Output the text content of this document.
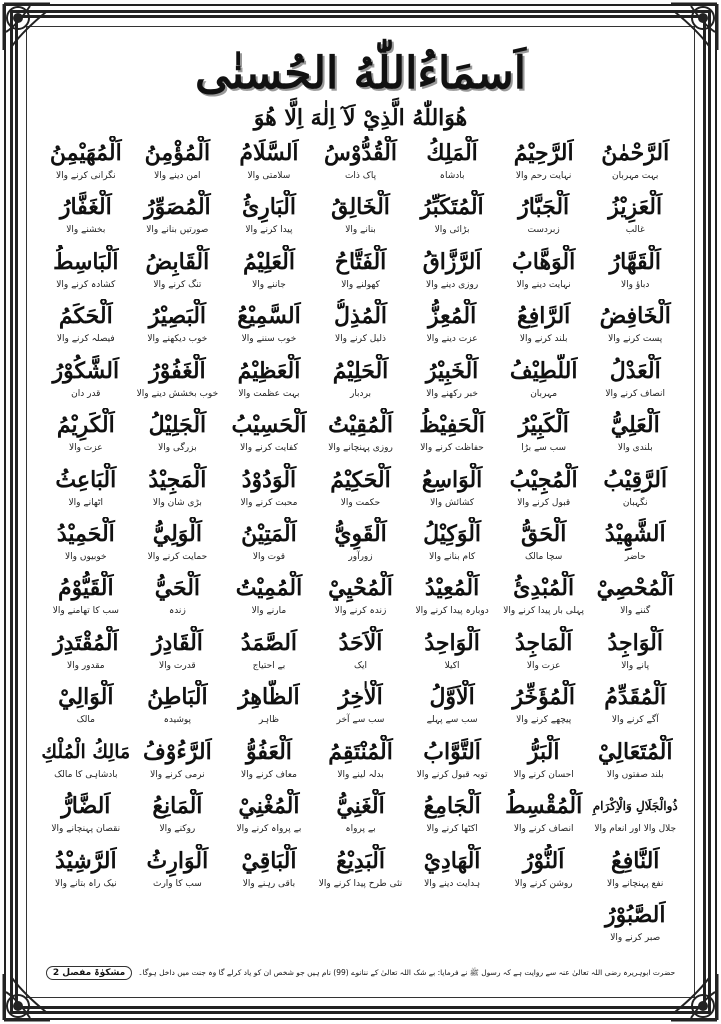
اَسمَاءُاللّٰهُ الحُسنٰی
هُوَاللّٰهُ الَّذِيْ لَآ اِلٰهَ اِلَّا هُوَ
اَلرَّحْمٰنُ
بہت مہربان
اَلرَّحِيْمُ
نہایت رحم والا
اَلْمَلِكُ
بادشاہ
اَلْقُدُّوْسُ
پاک ذات
اَلسَّلَامُ
سلامتی والا
اَلْمُؤْمِنُ
امن دینے والا
اَلْمُهَيْمِنُ
نگرانی کرنے والا
اَلْعَزِيْزُ
غالب
اَلْجَبَّارُ
زبردست
اَلْمُتَكَبِّرُ
بڑائی والا
اَلْخَالِقُ
بنانے والا
اَلْبَارِئُ
پیدا کرنے والا
اَلْمُصَوِّرُ
صورتیں بنانے والا
اَلْغَفَّارُ
بخشنے والا
اَلْقَهَّارُ
دباؤ والا
اَلْوَهَّابُ
نہایت دینے والا
اَلرَّزَّاقُ
روزی دینے والا
اَلْفَتَّاحُ
کھولنے والا
اَلْعَلِيْمُ
جاننے والا
اَلْقَابِضُ
تنگ کرنے والا
اَلْبَاسِطُ
کشادہ کرنے والا
اَلْخَافِضُ
پست کرنے والا
اَلرَّافِعُ
بلند کرنے والا
اَلْمُعِزُّ
عزت دینے والا
اَلْمُذِلُّ
ذلیل کرنے والا
اَلسَّمِيْعُ
خوب سننے والا
اَلْبَصِيْرُ
خوب دیکھنے والا
اَلْحَكَمُ
فیصلہ کرنے والا
اَلْعَدْلُ
انصاف کرنے والا
اَللَّطِيْفُ
مہربان
اَلْخَبِيْرُ
خبر رکھنے والا
اَلْحَلِيْمُ
بردبار
اَلْعَظِيْمُ
بہت عظمت والا
اَلْغَفُوْرُ
خوب بخشش دینے والا
اَلشَّكُوْرُ
قدر دان
اَلْعَلِيُّ
بلندی والا
اَلْكَبِيْرُ
سب سے بڑا
اَلْحَفِيْظُ
حفاظت کرنے والا
اَلْمُقِيْتُ
روزی پہنچانے والا
اَلْحَسِيْبُ
کفایت کرنے والا
اَلْجَلِيْلُ
بزرگی والا
اَلْكَرِيْمُ
عزت والا
اَلرَّقِيْبُ
نگہبان
اَلْمُجِيْبُ
قبول کرنے والا
اَلْوَاسِعُ
کشائش والا
اَلْحَكِيْمُ
حکمت والا
اَلْوَدُوْدُ
محبت کرنے والا
اَلْمَجِيْدُ
بڑی شان والا
اَلْبَاعِثُ
اٹھانے والا
اَلشَّهِيْدُ
حاضر
اَلْحَقُّ
سچا مالک
اَلْوَكِيْلُ
کام بنانے والا
اَلْقَوِيُّ
زورآور
اَلْمَتِيْنُ
قوت والا
اَلْوَلِيُّ
حمایت کرنے والا
اَلْحَمِيْدُ
خوبیوں والا
اَلْمُحْصِيْ
گننے والا
اَلْمُبْدِئُ
پہلی بار پیدا کرنے والا
اَلْمُعِيْدُ
دوبارہ پیدا کرنے والا
اَلْمُحْيِيْ
زندہ کرنے والا
اَلْمُمِيْتُ
مارنے والا
اَلْحَيُّ
زندہ
اَلْقَيُّوْمُ
سب کا تھامنے والا
اَلْوَاجِدُ
پانے والا
اَلْمَاجِدُ
عزت والا
اَلْوَاحِدُ
اکیلا
اَلْاَحَدُ
ایک
اَلصَّمَدُ
بے احتیاج
اَلْقَادِرُ
قدرت والا
اَلْمُقْتَدِرُ
مقدور والا
اَلْمُقَدِّمُ
آگے کرنے والا
اَلْمُؤَخِّرُ
پیچھے کرنے والا
اَلْاَوَّلُ
سب سے پہلے
اَلْاٰخِرُ
سب سے آخر
اَلظَّاهِرُ
ظاہر
اَلْبَاطِنُ
پوشیدہ
اَلْوَالِيْ
مالک
اَلْمُتَعَالِيْ
بلند صفتوں والا
اَلْبَرُّ
احسان کرنے والا
اَلتَّوَّابُ
توبہ قبول کرنے والا
اَلْمُنْتَقِمُ
بدلہ لینے والا
اَلْعَفُوُّ
معاف کرنے والا
اَلرَّءُوْفُ
نرمی کرنے والا
مَالِكُ الْمُلْكِ
بادشاہی کا مالک
ذُوالْجَلَالِ وَالْاِكْرَامِ
جلال والا اور انعام والا
اَلْمُقْسِطُ
انصاف کرنے والا
اَلْجَامِعُ
اکٹھا کرنے والا
اَلْغَنِيُّ
بے پرواہ
اَلْمُغْنِيْ
بے پرواہ کرنے والا
اَلْمَانِعُ
روکنے والا
اَلضَّارُّ
نقصان پہنچانے والا
اَلنَّافِعُ
نفع پہنچانے والا
اَلنُّوْرُ
روشن کرنے والا
اَلْهَادِيْ
ہدایت دینے والا
اَلْبَدِيْعُ
نئی طرح پیدا کرنے والا
اَلْبَاقِيْ
باقی رہنے والا
اَلْوَارِثُ
سب کا وارث
اَلرَّشِيْدُ
نیک راہ بتانے والا
اَلصَّبُوْرُ
صبر کرنے والا
حضرت ابوہریرہ رضی اللہ تعالیٰ عنہ سے روایت ہے کہ رسول ﷺ نے فرمایا: بے شک اللہ تعالیٰ کے ننانوے (99) نام ہیں جو شخص ان کو یاد کرلے گا وہ جنت میں داخل ہوگا۔
مشکوٰۃ مفصل 2
